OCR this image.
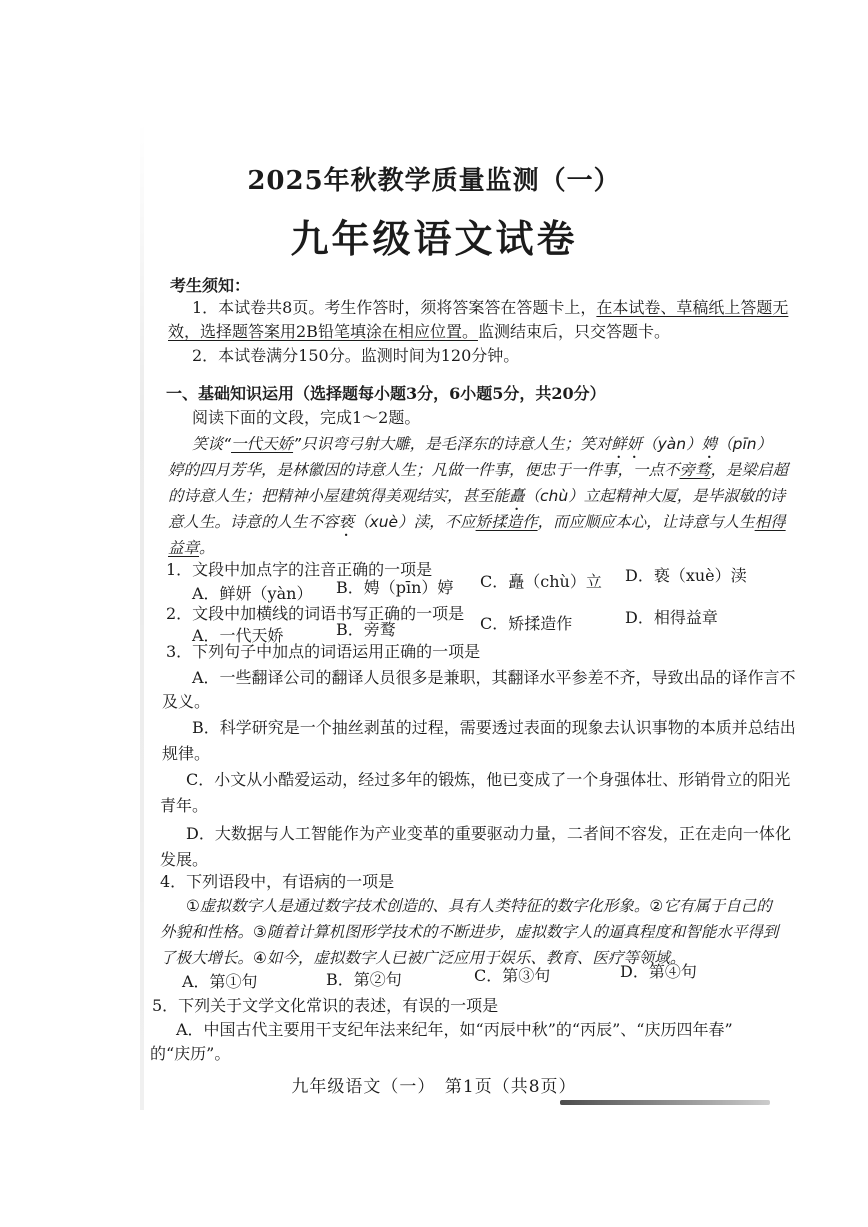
2025年秋教学质量监测（一）
九年级语文试卷
考生须知：
1．本试卷共8页。考生作答时，须将答案答在答题卡上，在本试卷、草稿纸上答题无
效，选择题答案用2B铅笔填涂在相应位置。监测结束后，只交答题卡。
2．本试卷满分150分。监测时间为120分钟。
一、基础知识运用（选择题每小题3分，6小题5分，共20分）
阅读下面的文段，完成1～2题。
笑谈“一代天娇”只识弯弓射大雕，是毛泽东的诗意人生；笑对鲜妍（yàn）娉（pīn）
婷的四月芳华，是林徽因的诗意人生；凡做一件事，便忠于一件事，一点不旁骛，是梁启超
的诗意人生；把精神小屋建筑得美观结实，甚至能矗（chù）立起精神大厦，是毕淑敏的诗
意人生。诗意的人生不容亵（xuè）渎，不应矫揉造作，而应顺应本心，让诗意与人生相得
益章。
1．文段中加点字的注音正确的一项是
A．鲜妍（yàn） B．娉（pīn）婷 C．矗（chù）立 D．亵（xuè）渎
2．文段中加横线的词语书写正确的一项是
A．一代天娇	B．旁鹜	C．矫揉造作	D．相得益章
3．下列句子中加点的词语运用正确的一项是
A．一些翻译公司的翻译人员很多是兼职，其翻译水平参差不齐，导致出品的译作言不
及义。
B．科学研究是一个抽丝剥茧的过程，需要透过表面的现象去认识事物的本质并总结出
规律。
C．小文从小酷爱运动，经过多年的锻炼，他已变成了一个身强体壮、形销骨立的阳光
青年。
D．大数据与人工智能作为产业变革的重要驱动力量，二者间不容发，正在走向一体化
发展。
4．下列语段中，有语病的一项是
①虚拟数字人是通过数字技术创造的、具有人类特征的数字化形象。②它有属于自己的
外貌和性格。③随着计算机图形学技术的不断进步，虚拟数字人的逼真程度和智能水平得到
了极大增长。④如今，虚拟数字人已被广泛应用于娱乐、教育、医疗等领域。
A．第①句	B．第②句	C．第③句	D．第④句
5．下列关于文学文化常识的表述，有误的一项是
A．中国古代主要用干支纪年法来纪年，如“丙辰中秋”的“丙辰”、“庆历四年春”
的“庆历”。
九年级语文（一）　第1页（共8页）
